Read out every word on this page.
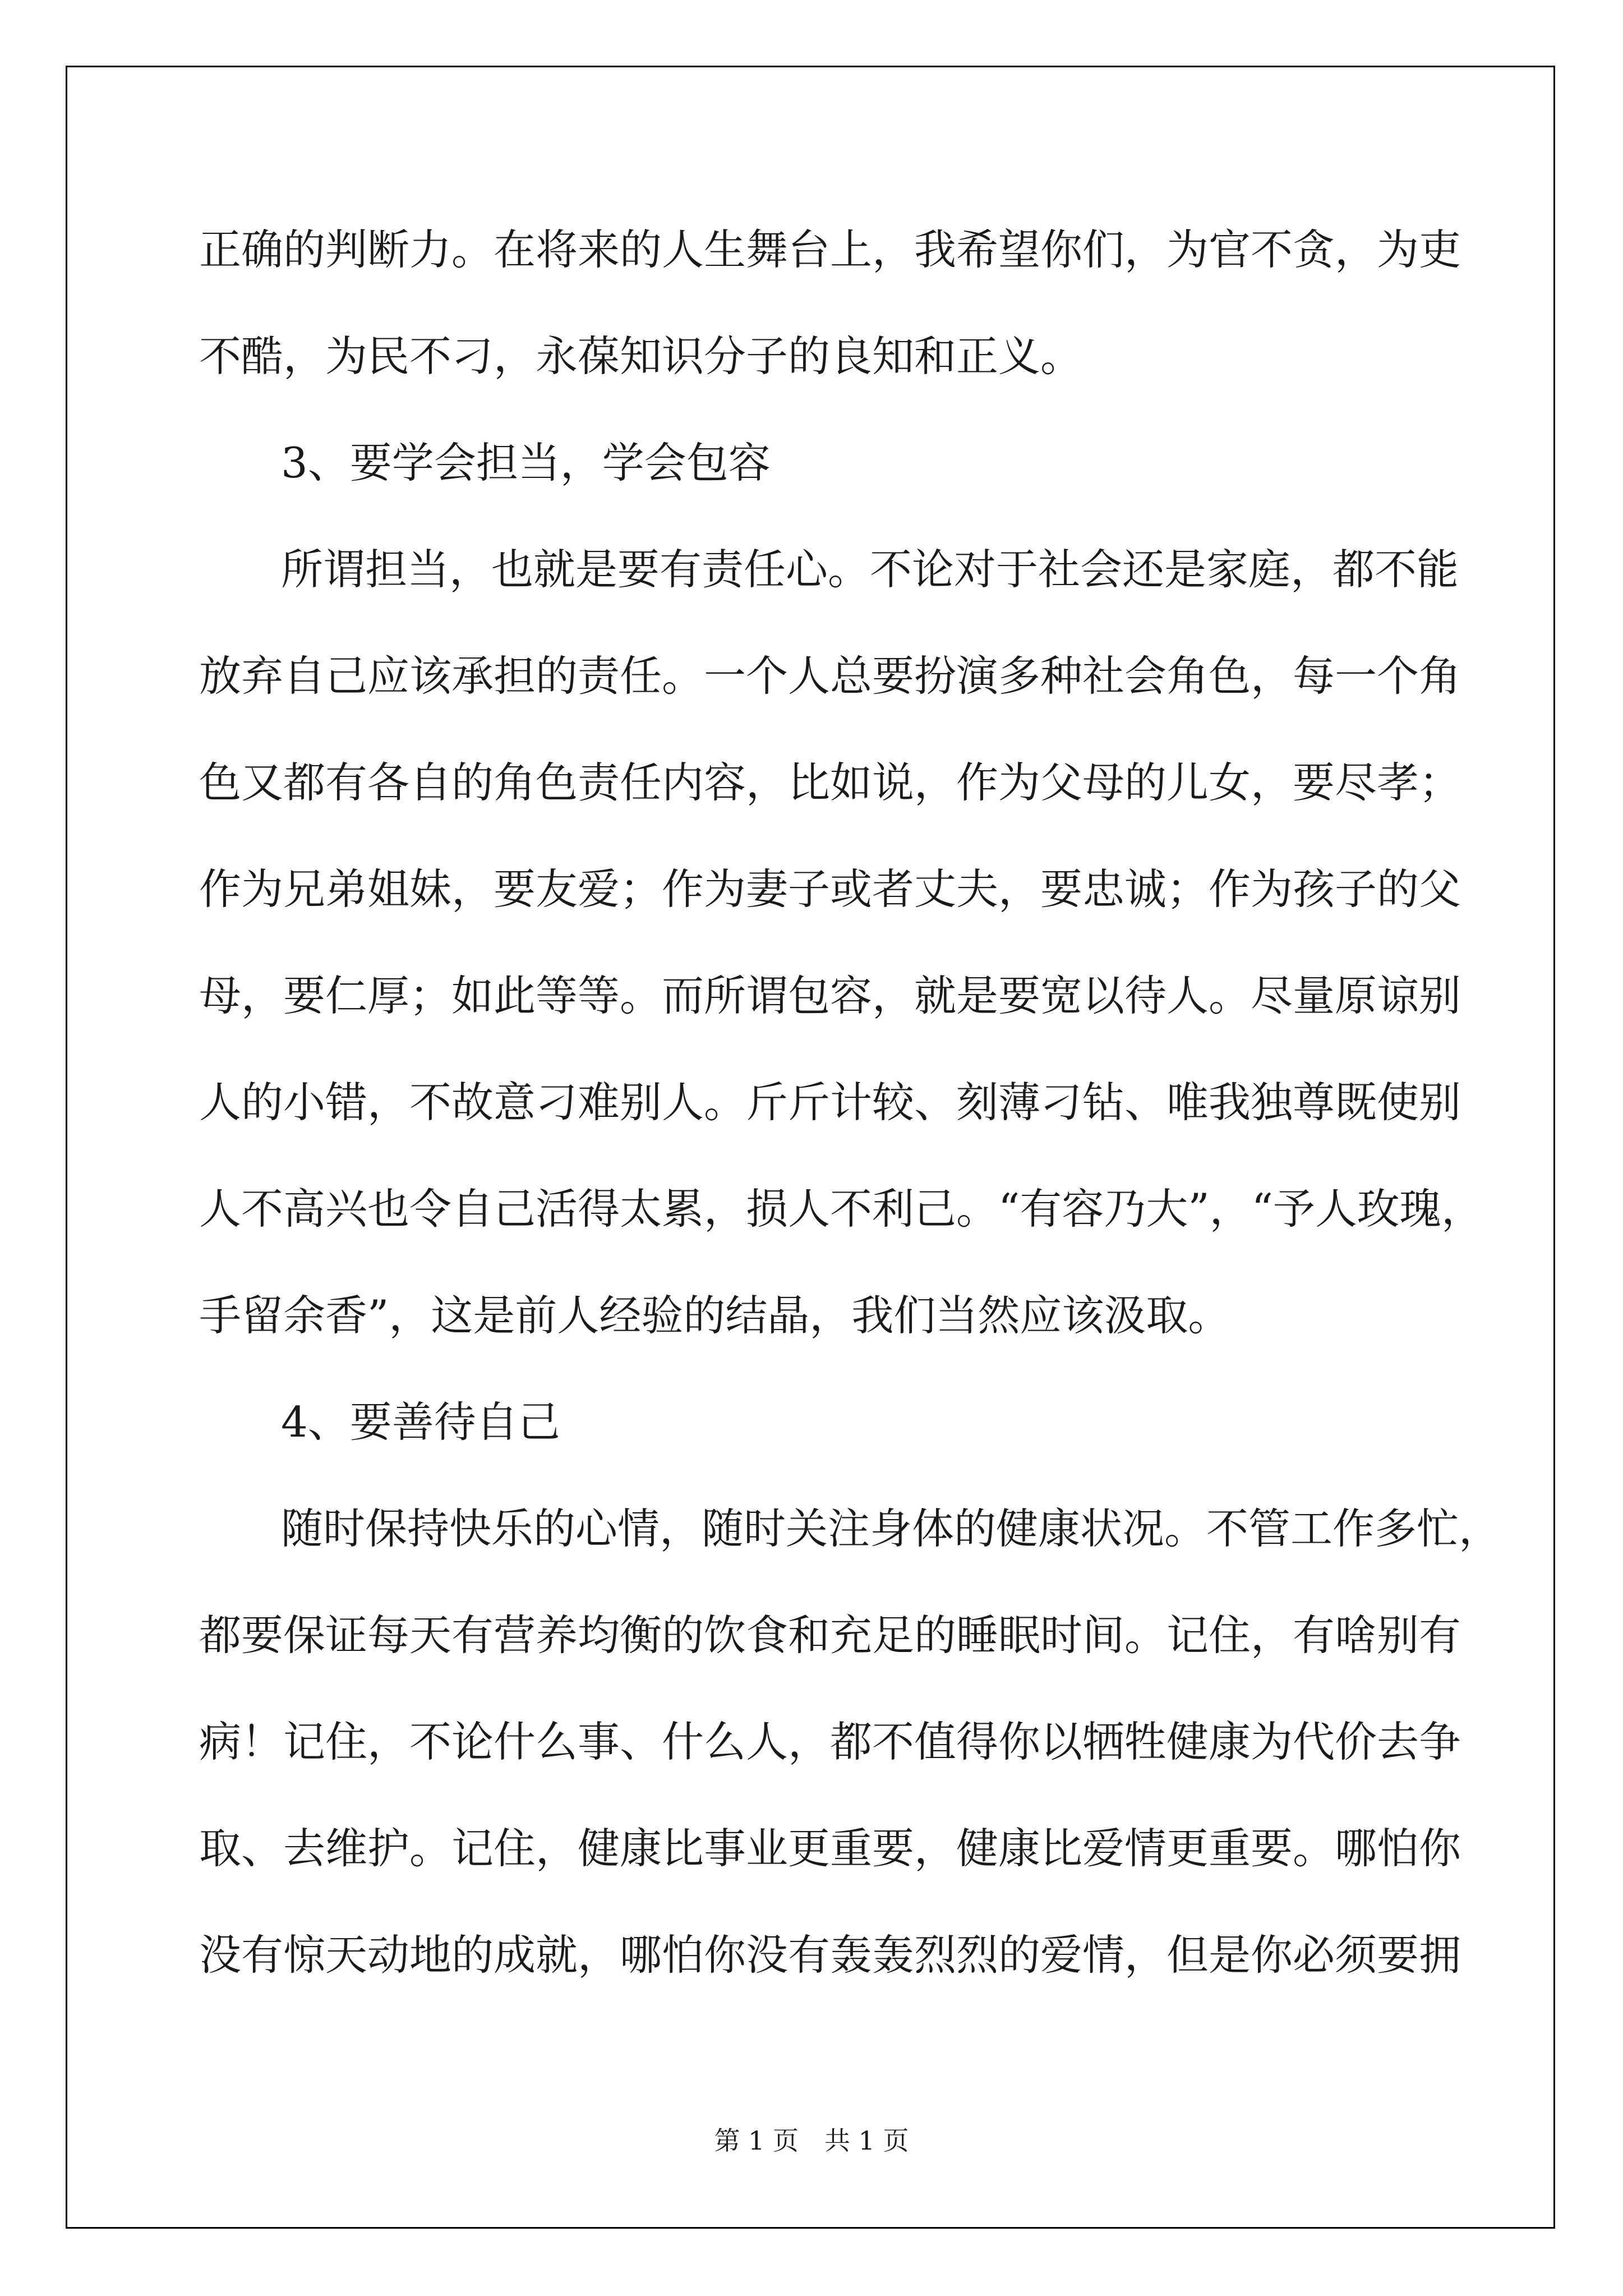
正确的判断力。在将来的人生舞台上，我希望你们，为官不贪，为吏
不酷，为民不刁，永葆知识分子的良知和正义。
3、要学会担当，学会包容
所谓担当，也就是要有责任心。不论对于社会还是家庭，都不能
放弃自己应该承担的责任。一个人总要扮演多种社会角色，每一个角
色又都有各自的角色责任内容，比如说，作为父母的儿女，要尽孝；
作为兄弟姐妹，要友爱；作为妻子或者丈夫，要忠诚；作为孩子的父
母，要仁厚；如此等等。而所谓包容，就是要宽以待人。尽量原谅别
人的小错，不故意刁难别人。斤斤计较、刻薄刁钻、唯我独尊既使别
人不高兴也令自己活得太累，损人不利己。“有容乃大”，“予人玫瑰，
手留余香”，这是前人经验的结晶，我们当然应该汲取。
4、要善待自己
随时保持快乐的心情，随时关注身体的健康状况。不管工作多忙，
都要保证每天有营养均衡的饮食和充足的睡眠时间。记住，有啥别有
病！记住，不论什么事、什么人，都不值得你以牺牲健康为代价去争
取、去维护。记住，健康比事业更重要，健康比爱情更重要。哪怕你
没有惊天动地的成就，哪怕你没有轰轰烈烈的爱情，但是你必须要拥
第 1 页　共 1 页
